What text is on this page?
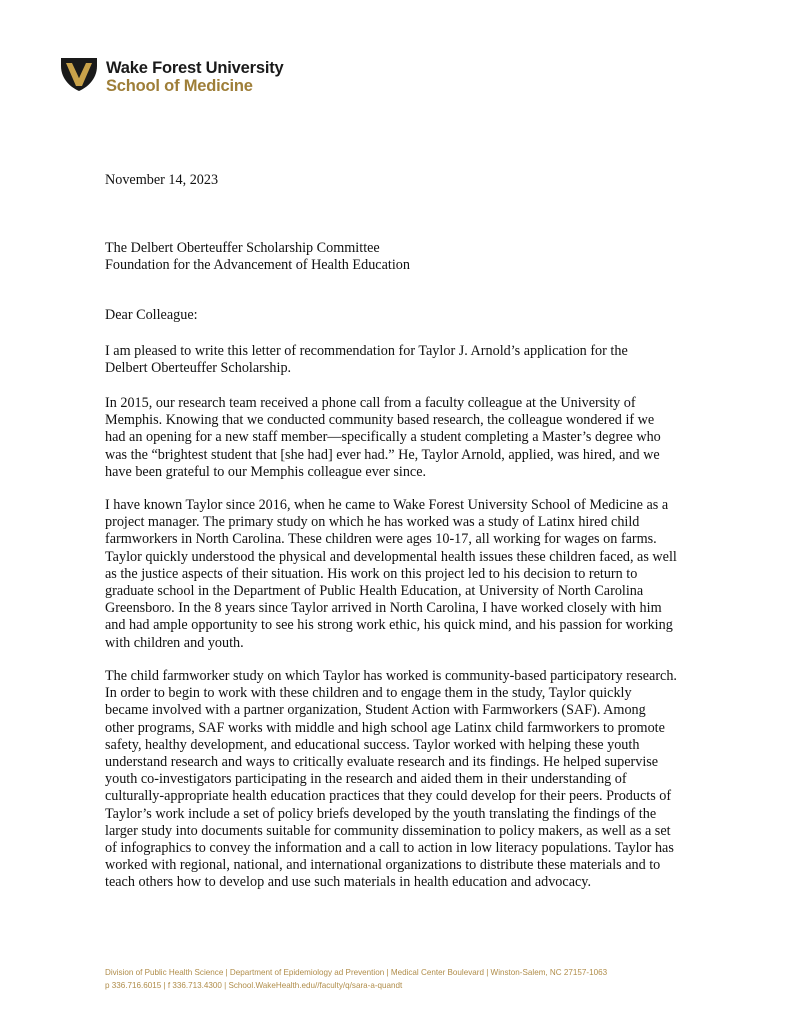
Wake Forest University
School of Medicine
November 14, 2023
The Delbert Oberteuffer Scholarship Committee
Foundation for the Advancement of Health Education
Dear Colleague:
I am pleased to write this letter of recommendation for Taylor J. Arnold’s application for the
Delbert Oberteuffer Scholarship.
In 2015, our research team received a phone call from a faculty colleague at the University of
Memphis. Knowing that we conducted community based research, the colleague wondered if we
had an opening for a new staff member—specifically a student completing a Master’s degree who
was the “brightest student that [she had] ever had.” He, Taylor Arnold, applied, was hired, and we
have been grateful to our Memphis colleague ever since.
I have known Taylor since 2016, when he came to Wake Forest University School of Medicine as a
project manager. The primary study on which he has worked was a study of Latinx hired child
farmworkers in North Carolina. These children were ages 10-17, all working for wages on farms.
Taylor quickly understood the physical and developmental health issues these children faced, as well
as the justice aspects of their situation. His work on this project led to his decision to return to
graduate school in the Department of Public Health Education, at University of North Carolina
Greensboro. In the 8 years since Taylor arrived in North Carolina, I have worked closely with him
and had ample opportunity to see his strong work ethic, his quick mind, and his passion for working
with children and youth.
The child farmworker study on which Taylor has worked is community-based participatory research.
In order to begin to work with these children and to engage them in the study, Taylor quickly
became involved with a partner organization, Student Action with Farmworkers (SAF). Among
other programs, SAF works with middle and high school age Latinx child farmworkers to promote
safety, healthy development, and educational success. Taylor worked with helping these youth
understand research and ways to critically evaluate research and its findings. He helped supervise
youth co-investigators participating in the research and aided them in their understanding of
culturally-appropriate health education practices that they could develop for their peers. Products of
Taylor’s work include a set of policy briefs developed by the youth translating the findings of the
larger study into documents suitable for community dissemination to policy makers, as well as a set
of infographics to convey the information and a call to action in low literacy populations. Taylor has
worked with regional, national, and international organizations to distribute these materials and to
teach others how to develop and use such materials in health education and advocacy.
Division of Public Health Science | Department of Epidemiology ad Prevention | Medical Center Boulevard | Winston-Salem, NC 27157-1063
p 336.716.6015 | f 336.713.4300 | School.WakeHealth.edu//faculty/q/sara-a-quandt
